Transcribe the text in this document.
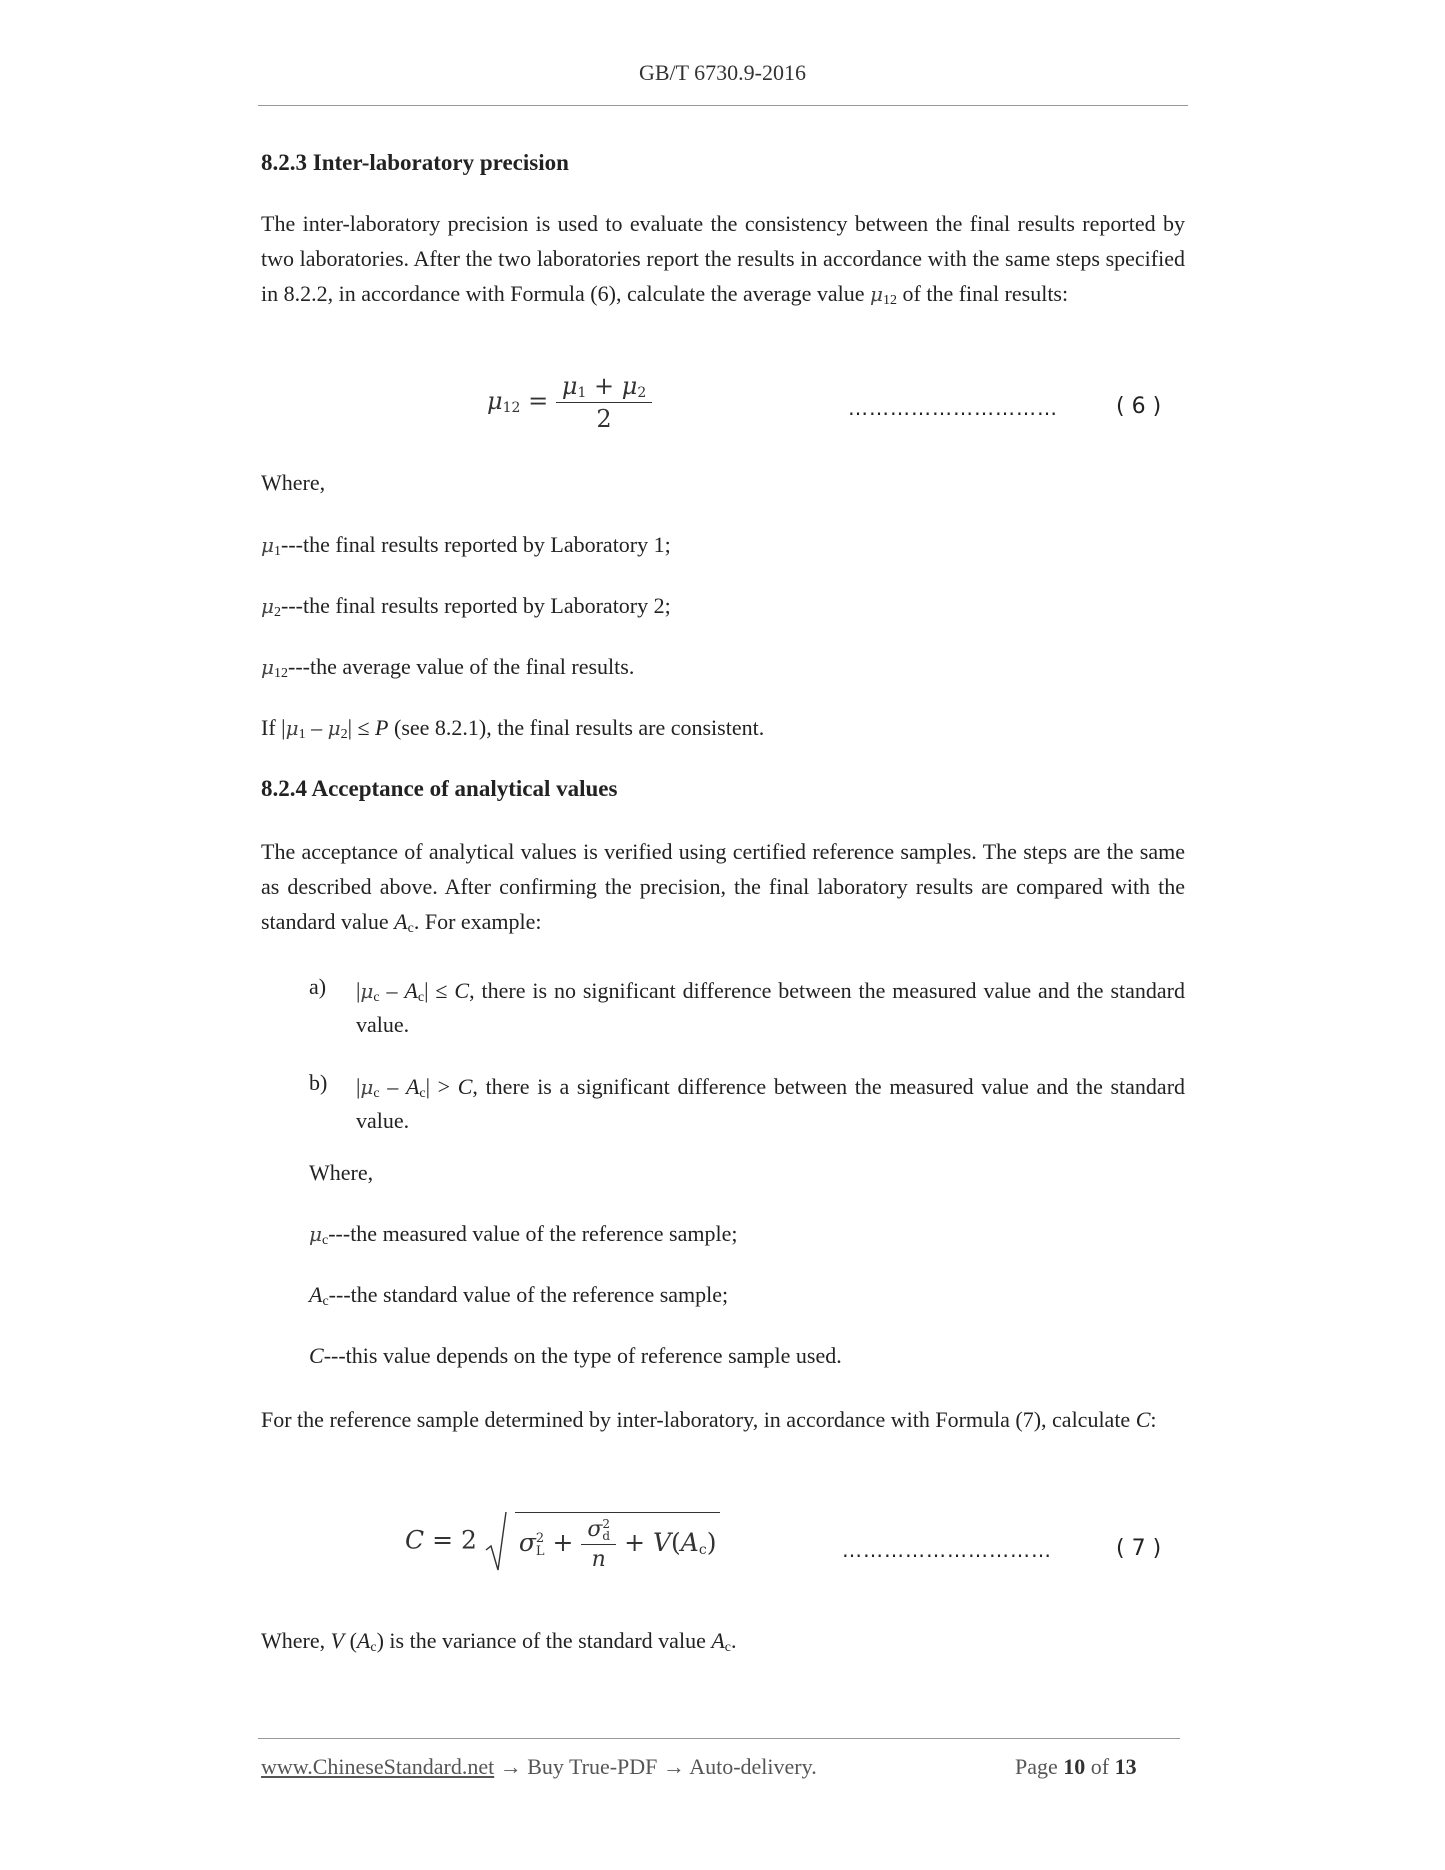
GB/T 6730.9-2016
8.2.3 Inter-laboratory precision
The inter-laboratory precision is used to evaluate the consistency between the final results reported by two laboratories. After the two laboratories report the results in accordance with the same steps specified in 8.2.2, in accordance with Formula (6), calculate the average value $\mu_{12}$ of the final results:
$\mu_{12} = \frac{\mu_1 + \mu_2}{2}$	…………………………	( 6 )
Where,
$\mu_1--$-the final results reported by Laboratory 1;
$\mu_2--$-the final results reported by Laboratory 2;
$\mu_{12}--$-the average value of the final results.
If $|\mu_1 - \mu_2| \le P$ (see 8.2.1), the final results are consistent.
8.2.4 Acceptance of analytical values
The acceptance of analytical values is verified using certified reference samples. The steps are the same as described above. After confirming the precision, the final laboratory results are compared with the standard value $A_c$. For example:
a) $|\mu_c - A_c| \le C$, there is no significant difference between the measured value and the standard value.
b) $|\mu_c - A_c| > C$, there is a significant difference between the measured value and the standard value.
Where,
$\mu_c--$-the measured value of the reference sample;
$A_c--$-the standard value of the reference sample;
C---this value depends on the type of reference sample used.
For the reference sample determined by inter-laboratory, in accordance with Formula (7), calculate C:
C = 2 σ 2
L + σ 2
d
$n + V(A_c)$	…………………………	( 7 )
Where, V $(A_c)$ is the variance of the standard value $A_c$.
www.ChineseStandard.net → Buy True-PDF → Auto-delivery.	Page 10 of 13
